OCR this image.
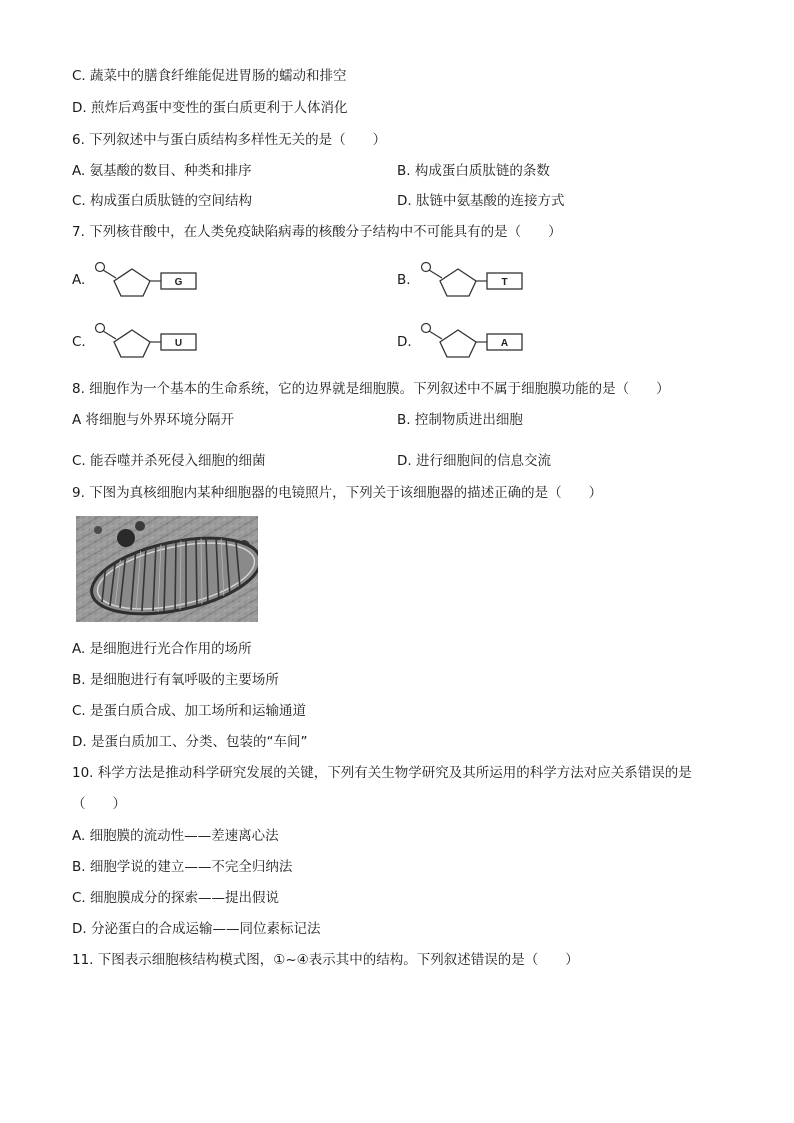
C. 蔬菜中的膳食纤维能促进胃肠的蠕动和排空
D. 煎炸后鸡蛋中变性的蛋白质更利于人体消化
6. 下列叙述中与蛋白质结构多样性无关的是（　　）
A. 氨基酸的数目、种类和排序	B. 构成蛋白质肽链的条数
C. 构成蛋白质肽链的空间结构	D. 肽链中氨基酸的连接方式
7. 下列核苷酸中，在人类免疫缺陷病毒的核酸分子结构中不可能具有的是（　　）
A.	G	B.	T
C.	U	D.	A
8. 细胞作为一个基本的生命系统，它的边界就是细胞膜。下列叙述中不属于细胞膜功能的是（　　）
A 将细胞与外界环境分隔开	B. 控制物质进出细胞
C. 能吞噬并杀死侵入细胞的细菌	D. 进行细胞间的信息交流
9. 下图为真核细胞内某种细胞器的电镜照片，下列关于该细胞器的描述正确的是（　　）
A. 是细胞进行光合作用的场所
B. 是细胞进行有氧呼吸的主要场所
C. 是蛋白质合成、加工场所和运输通道
D. 是蛋白质加工、分类、包装的“车间”
10. 科学方法是推动科学研究发展的关键，下列有关生物学研究及其所运用的科学方法对应关系错误的是
（　　）
A. 细胞膜的流动性——差速离心法
B. 细胞学说的建立——不完全归纳法
C. 细胞膜成分的探索——提出假说
D. 分泌蛋白的合成运输——同位素标记法
11. 下图表示细胞核结构模式图，①~④表示其中的结构。下列叙述错误的是（　　）
